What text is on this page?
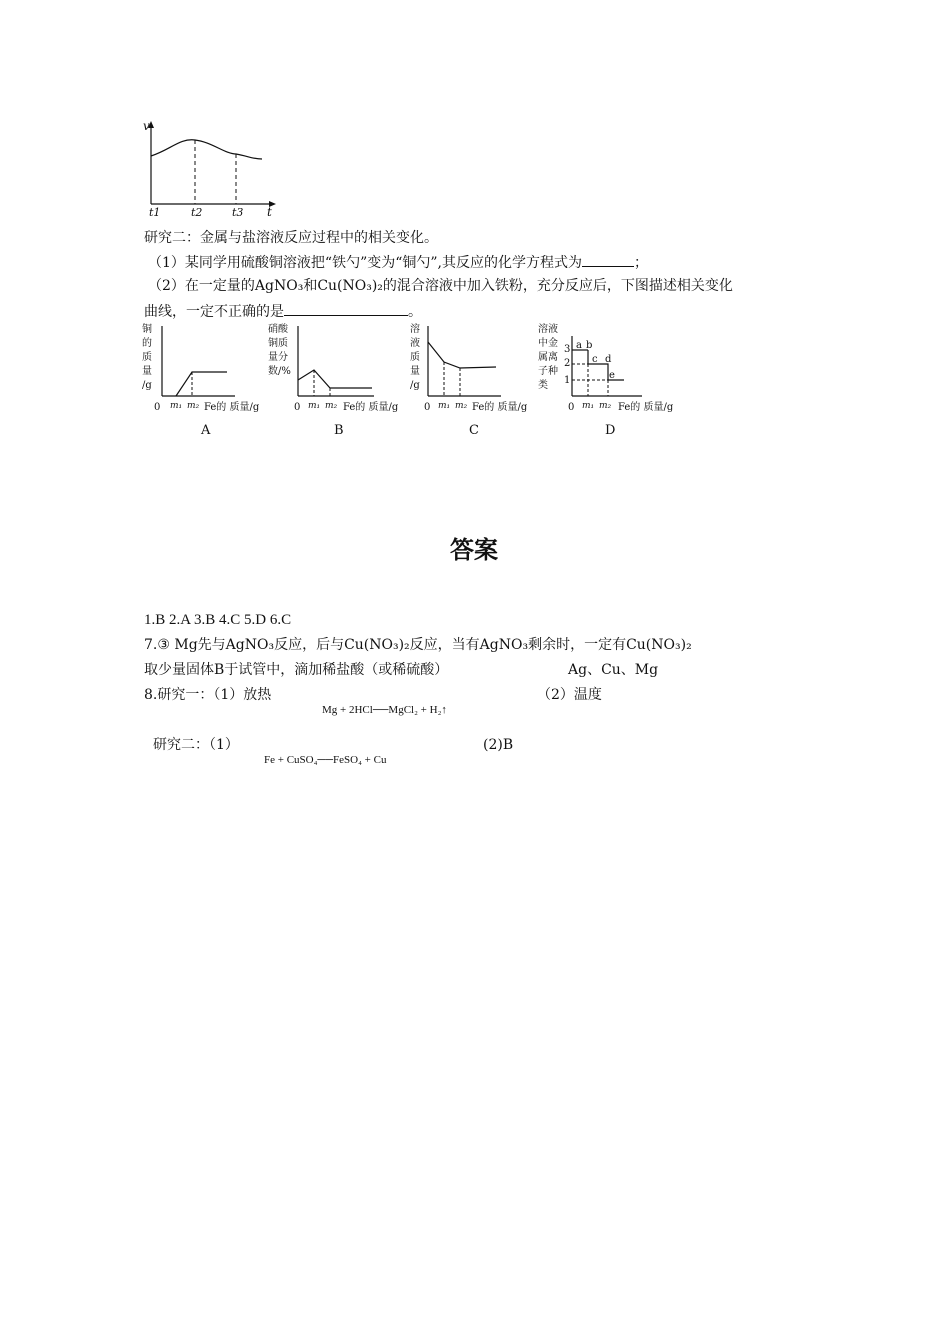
v
t
t1	t2	t3
研究二：金属与盐溶液反应过程中的相关变化。
（1）某同学用硫酸铜溶液把“铁勺”变为“铜勺”,其反应的化学方程式为	；
（2）在一定量的AgNO₃和Cu(NO₃)₂的混合溶液中加入铁粉，充分反应后，下图描述相关变化
曲线，一定不正确的是	。
铜
的
质
量
/g
0 m₁ m₂ Fe的 质量/g
A
硝酸
铜质
量分
数/%
0 m₁ m₂ Fe的 质量/g
B
溶
液
质
量
/g
0 m₁ m₂ Fe的 质量/g
C
溶液
中金
属离
子种
类
3
2
1
a b
c d
e
0 m₁ m₂ Fe的 质量/g
D
答案
1.B 2.A 3.B 4.C 5.D 6.C
7.③ Mg先与AgNO₃反应，后与Cu(NO₃)₂反应，当有AgNO₃剩余时，一定有Cu(NO₃)₂
取少量固体B于试管中，滴加稀盐酸（或稀硫酸）	Ag、Cu、Mg
8.研究一：（1）放热	（2）温度
Mg + 2HCl──MgCl₂ + H₂↑
研究二：（1）	(2)B
Fe + CuSO₄──FeSO₄ + Cu
